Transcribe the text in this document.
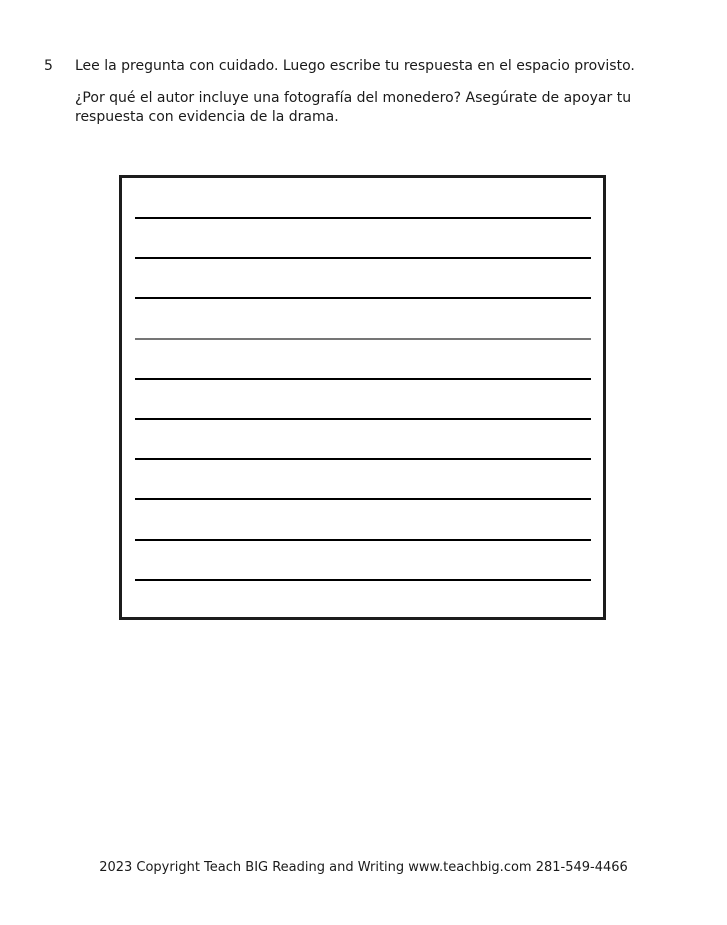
5 Lee la pregunta con cuidado. Luego escribe tu respuesta en el espacio provisto.
¿Por qué el autor incluye una fotografía del monedero? Asegúrate de apoyar tu respuesta con evidencia de la drama.
2023 Copyright Teach BIG Reading and Writing www.teachbig.com 281-549-4466
